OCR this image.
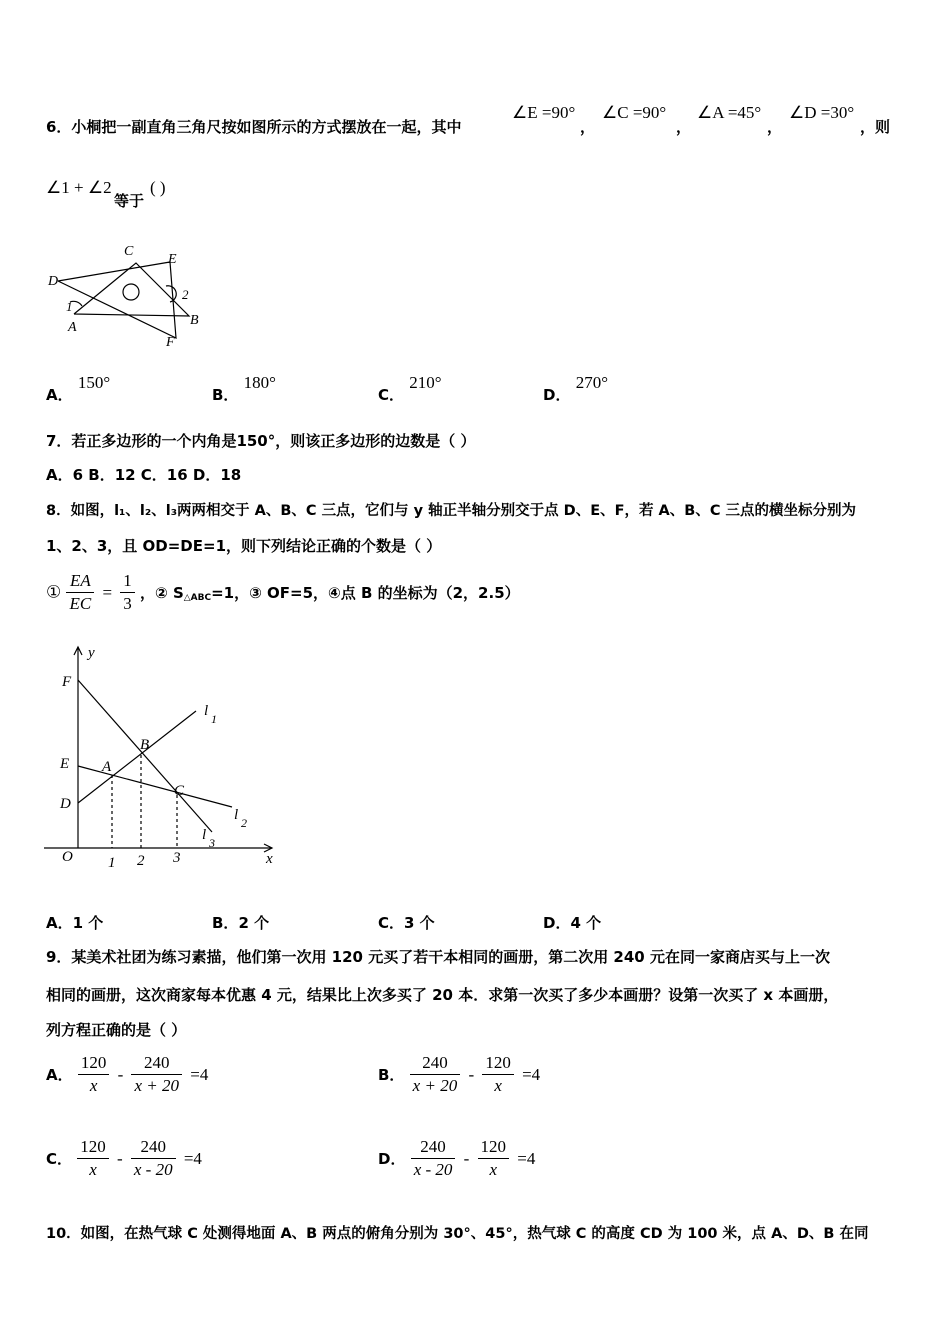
6．小桐把一副直角三角尺按如图所示的方式摆放在一起，其中
∠E =90°
，
∠C =90°
，
∠A =45°
，
∠D =30°
，则
∠1 + ∠2
等于
( )
C
E
D
1
2
A	B
F
A． 150°
B． 180°
C． 210°
D． 270°
7．若正多边形的一个内角是150°，则该正多边形的边数是（ ）
A．6 B．12 C．16 D．18
8．如图，l₁、l₂、l₃两两相交于 A、B、C 三点，它们与 y 轴正半轴分别交于点 D、E、F，若 A、B、C 三点的横坐标分别为
1、2、3，且 OD=DE=1，则下列结论正确的个数是（ ）
① $\frac{EA}{EC} = \frac{1}{3}$ ，② $S_{\triangle ABC}=1$，③ OF=5，④点 B 的坐标为（2，2.5）
y
x
O
F
E
D
A
B
C
l 1
l 2
l 3
1 2 3
A．1 个	B．2 个	C．3 个	D．4 个
9．某美术社团为练习素描，他们第一次用 120 元买了若干本相同的画册，第二次用 240 元在同一家商店买与上一次
相同的画册，这次商家每本优惠 4 元，结果比上次多买了 20 本．求第一次买了多少本画册？设第一次买了 x 本画册，
列方程正确的是（ ）
A． $\frac{120}{x} - \frac{240}{x + 20} =4$	B． $\frac{240}{x + 20} - \frac{120}{x} =4$
C． $\frac{120}{x} - \frac{240}{x - 20} =4$	D． $\frac{240}{x - 20} - \frac{120}{x} =4$
10．如图，在热气球 C 处测得地面 A、B 两点的俯角分别为 30°、45°，热气球 C 的高度 CD 为 100 米，点 A、D、B 在同
